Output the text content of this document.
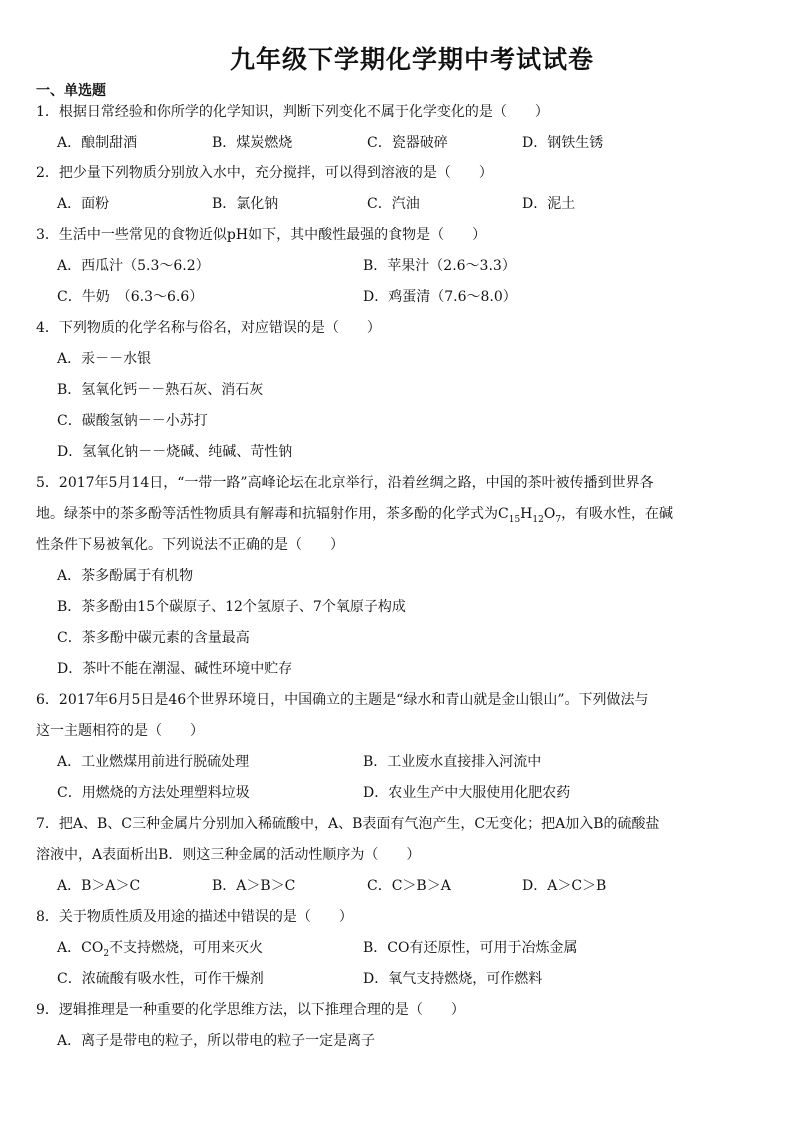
九年级下学期化学期中考试试卷
一、单选题
1．根据日常经验和你所学的化学知识，判断下列变化不属于化学变化的是（　　）
A．酿制甜酒	B．煤炭燃烧	C．瓷器破碎	D．钢铁生锈
2．把少量下列物质分别放入水中，充分搅拌，可以得到溶液的是（　　）
A．面粉	B．氯化钠	C．汽油	D．泥土
3．生活中一些常见的食物近似pH如下，其中酸性最强的食物是（　　）
A．西瓜汁（5.3～6.2）	B．苹果汁（2.6～3.3）
C．牛奶　（6.3～6.6）	D．鸡蛋清（7.6～8.0）
4．下列物质的化学名称与俗名，对应错误的是（　　）
A．汞－－水银
B．氢氧化钙－－熟石灰、消石灰
C．碳酸氢钠－－小苏打
D．氢氧化钠－－烧碱、纯碱、苛性钠
5．2017年5月14日，“一带一路”高峰论坛在北京举行，沿着丝绸之路，中国的茶叶被传播到世界各
地。绿茶中的茶多酚等活性物质具有解毒和抗辐射作用，茶多酚的化学式为$C_{15}H_{12}O_7$，有吸水性，在碱
性条件下易被氧化。下列说法不正确的是（　　）
A．茶多酚属于有机物
B．茶多酚由15个碳原子、12个氢原子、7个氧原子构成
C．茶多酚中碳元素的含量最高
D．茶叶不能在潮湿、碱性环境中贮存
6．2017年6月5日是46个世界环境日，中国确立的主题是“绿水和青山就是金山银山”。下列做法与
这一主题相符的是（　　）
A．工业燃煤用前进行脱硫处理	B．工业废水直接排入河流中
C．用燃烧的方法处理塑料垃圾	D．农业生产中大服使用化肥农药
7．把A、B、C三种金属片分别加入稀硫酸中，A、B表面有气泡产生，C无变化；把A加入B的硫酸盐
溶液中，A表面析出B．则这三种金属的活动性顺序为（　　）
A．B＞A＞C	B．A＞B＞C	C．C＞B＞A	D．A＞C＞B
8．关于物质性质及用途的描述中错误的是（　　）
A．$CO_2$不支持燃烧，可用来灭火	B．CO有还原性，可用于冶炼金属
C．浓硫酸有吸水性，可作干燥剂	D．氧气支持燃烧，可作燃料
9．逻辑推理是一种重要的化学思维方法，以下推理合理的是（　　）
A．离子是带电的粒子，所以带电的粒子一定是离子
